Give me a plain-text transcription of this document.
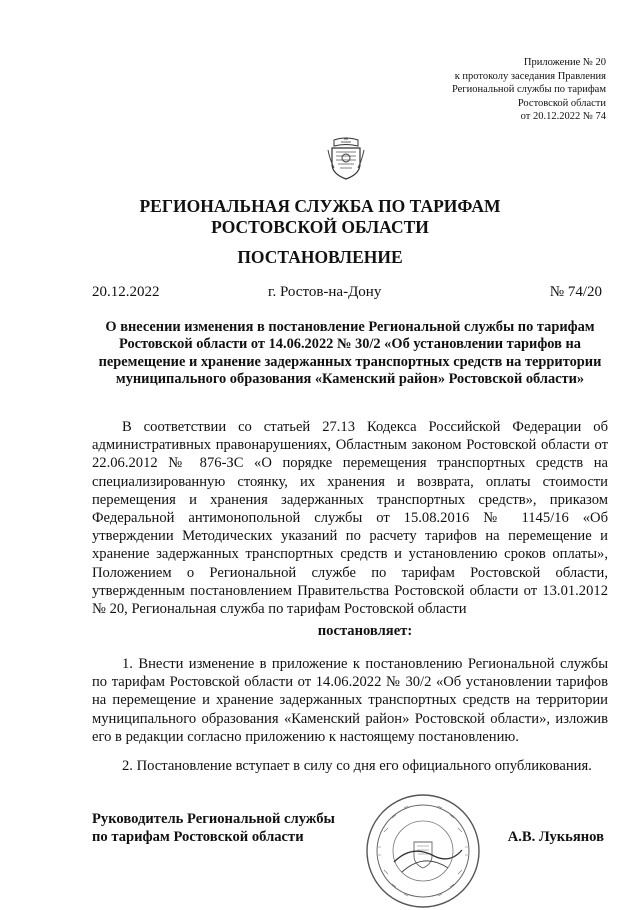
Приложение № 20
к протоколу заседания Правления
Региональной службы по тарифам
Ростовской области
от 20.12.2022 № 74
РЕГИОНАЛЬНАЯ СЛУЖБА ПО ТАРИФАМ
РОСТОВСКОЙ ОБЛАСТИ
ПОСТАНОВЛЕНИЕ
20.12.2022	г. Ростов-на-Дону	№ 74/20
О внесении изменения в постановление Региональной службы по тарифам Ростовской области от 14.06.2022 № 30/2 «Об установлении тарифов на перемещение и хранение задержанных транспортных средств на территории муниципального образования «Каменский район» Ростовской области»
В соответствии со статьей 27.13 Кодекса Российской Федерации об административных правонарушениях, Областным законом Ростовской области от 22.06.2012 № 876-ЗС «О порядке перемещения транспортных средств на специализированную стоянку, их хранения и возврата, оплаты стоимости перемещения и хранения задержанных транспортных средств», приказом Федеральной антимонопольной службы от 15.08.2016 № 1145/16 «Об утверждении Методических указаний по расчету тарифов на перемещение и хранение задержанных транспортных средств и установлению сроков оплаты», Положением о Региональной службе по тарифам Ростовской области, утвержденным постановлением Правительства Ростовской области от 13.01.2012 № 20, Региональная служба по тарифам Ростовской области
постановляет:
1. Внести изменение в приложение к постановлению Региональной службы по тарифам Ростовской области от 14.06.2022 № 30/2 «Об установлении тарифов на перемещение и хранение задержанных транспортных средств на территории муниципального образования «Каменский район» Ростовской области», изложив его в редакции согласно приложению к настоящему постановлению.
2. Постановление вступает в силу со дня его официального опубликования.
Руководитель Региональной службы
по тарифам Ростовской области	А.В. Лукьянов
